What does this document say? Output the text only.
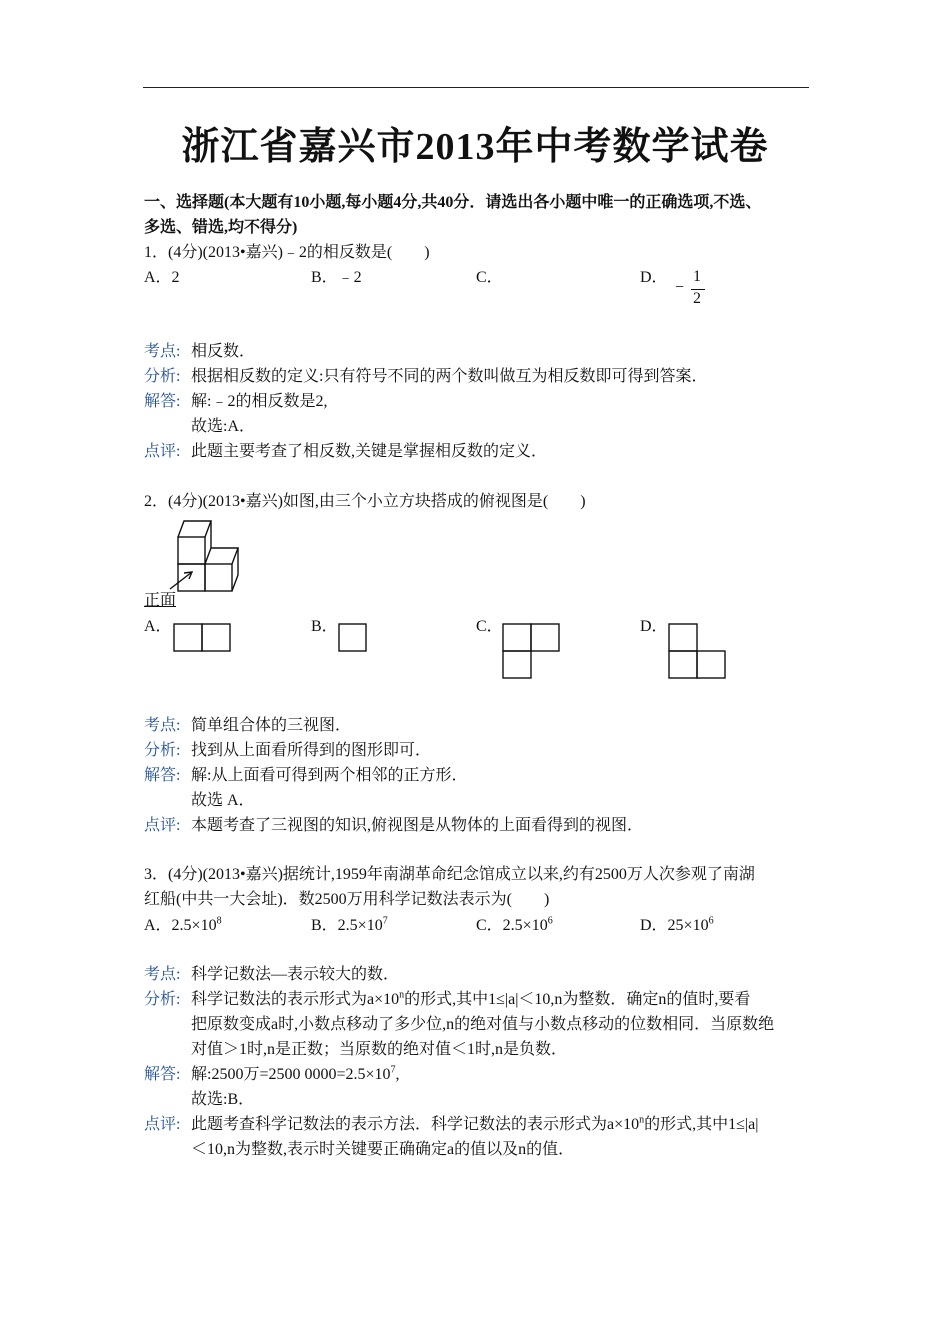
浙江省嘉兴市2013年中考数学试卷
一、选择题(本大题有10小题,每小题4分,共40分．请选出各小题中唯一的正确选项,不选、
多选、错选,均不得分)
1．(4分)(2013•嘉兴)﹣2的相反数是(　　)
A．2	B．﹣2	C．	D．
−
1
2
考点: 相反数．
分析: 根据相反数的定义:只有符号不同的两个数叫做互为相反数即可得到答案．
解答: 解:﹣2的相反数是2,
故选:A．
点评: 此题主要考查了相反数,关键是掌握相反数的定义．
2．(4分)(2013•嘉兴)如图,由三个小立方块搭成的俯视图是(　　)
正面
A．	B．	C．	D．
考点: 简单组合体的三视图．
分析: 找到从上面看所得到的图形即可．
解答: 解:从上面看可得到两个相邻的正方形．
故选 A．
点评: 本题考查了三视图的知识,俯视图是从物体的上面看得到的视图．
3．(4分)(2013•嘉兴)据统计,1959年南湖革命纪念馆成立以来,约有2500万人次参观了南湖
红船(中共一大会址)．数2500万用科学记数法表示为(　　)
A．$2.5\times 10^8$	B．$2.5\times 10^7$	C．$2.5\times 10^6$	D．$25\times 10^6$
考点: 科学记数法—表示较大的数．
分析: 科学记数法的表示形式为$a\times 10^n$的形式,其中1≤|a|＜10,n为整数．确定n的值时,要看
把原数变成a时,小数点移动了多少位,n的绝对值与小数点移动的位数相同．当原数绝
对值＞1时,n是正数；当原数的绝对值＜1时,n是负数．
解答: 解:2500万=2500 $0000=2.5\times 10^7$,
故选:B．
点评: 此题考查科学记数法的表示方法．科学记数法的表示形式为$a\times 10^n$的形式,其中1≤|a|
＜10,n为整数,表示时关键要正确确定a的值以及n的值．
